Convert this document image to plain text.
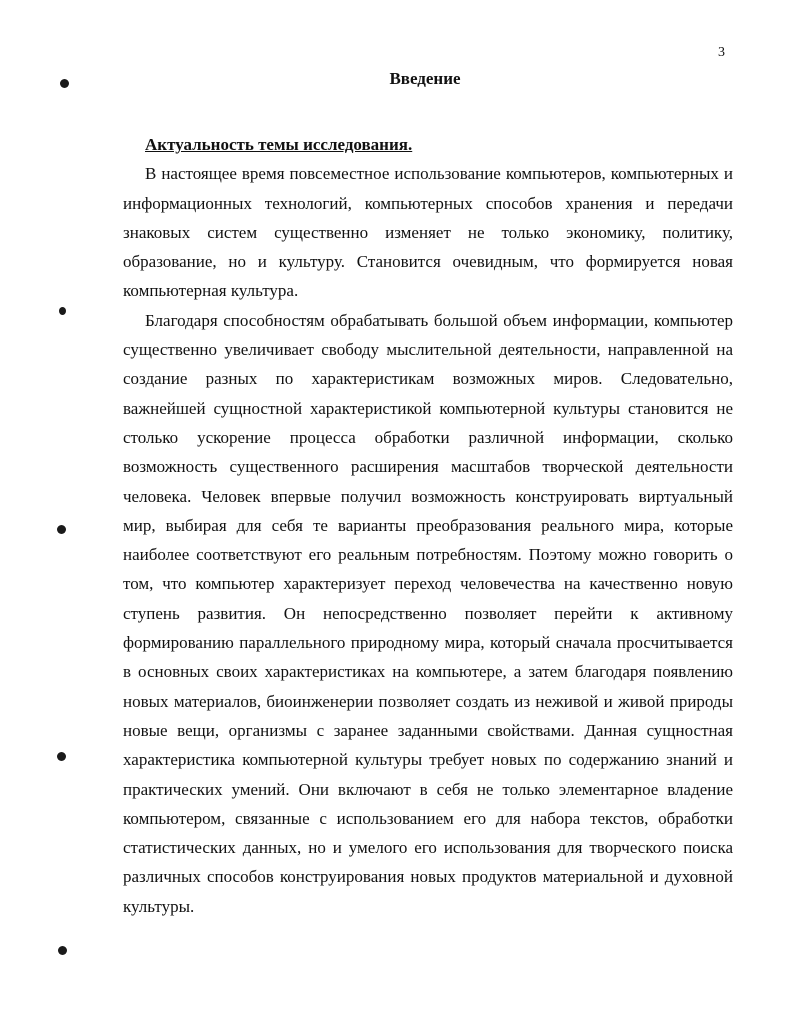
3
Введение

Актуальность темы исследования.

В настоящее время повсеместное использование компьютеров, компьютерных и информационных технологий, компьютерных способов хранения и передачи знаковых систем существенно изменяет не только экономику, политику, образование, но и культуру. Становится очевидным, что формируется новая компьютерная культура.

Благодаря способностям обрабатывать большой объем информации, компьютер существенно увеличивает свободу мыслительной деятельности, направленной на создание разных по характеристикам возможных миров. Следовательно, важнейшей сущностной характеристикой компьютерной культуры становится не столько ускорение процесса обработки различной информации, сколько возможность существенного расширения масштабов творческой деятельности человека. Человек впервые получил возможность конструировать виртуальный мир, выбирая для себя те варианты преобразования реального мира, которые наиболее соответствуют его реальным потребностям. Поэтому можно говорить о том, что компьютер характеризует переход человечества на качественно новую ступень развития. Он непосредственно позволяет перейти к активному формированию параллельного природному мира, который сначала просчитывается в основных своих характеристиках на компьютере, а затем благодаря появлению новых материалов, биоинженерии позволяет создать из неживой и живой природы новые вещи, организмы с заранее заданными свойствами. Данная сущностная характеристика компьютерной культуры требует новых по содержанию знаний и практических умений. Они включают в себя не только элементарное владение компьютером, связанные с использованием его для набора текстов, обработки статистических данных, но и умелого его использования для творческого поиска различных способов конструирования новых продуктов материальной и духовной культуры.
